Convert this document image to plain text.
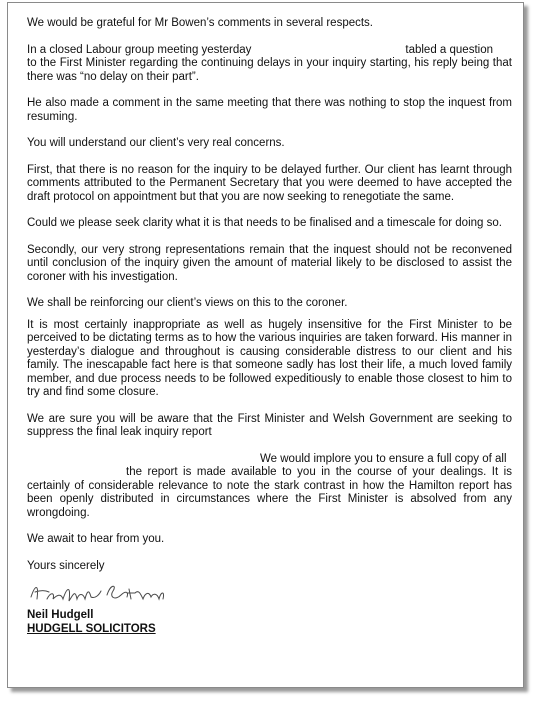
We would be grateful for Mr Bowen’s comments in several respects.

In a closed Labour group meeting yesterday	tabled a question

to the First Minister regarding the continuing delays in your inquiry starting, his reply being that there was “no delay on their part”.

He also made a comment in the same meeting that there was nothing to stop the inquest from resuming.

You will understand our client’s very real concerns.

First, that there is no reason for the inquiry to be delayed further. Our client has learnt through comments attributed to the Permanent Secretary that you were deemed to have accepted the draft protocol on appointment but that you are now seeking to renegotiate the same.

Could we please seek clarity what it is that needs to be finalised and a timescale for doing so.

Secondly, our very strong representations remain that the inquest should not be reconvened until conclusion of the inquiry given the amount of material likely to be disclosed to assist the coroner with his investigation.

We shall be reinforcing our client’s views on this to the coroner.

It is most certainly inappropriate as well as hugely insensitive for the First Minister to be perceived to be dictating terms as to how the various inquiries are taken forward. His manner in yesterday’s dialogue and throughout is causing considerable distress to our client and his family. The inescapable fact here is that someone sadly has lost their life, a much loved family member, and due process needs to be followed expeditiously to enable those closest to him to try and find some closure.

We are sure you will be aware that the First Minister and Welsh Government are seeking to suppress the final leak inquiry report

We would implore you to ensure a full copy of all

the report is made available to you in the course of your dealings. It is certainly of considerable relevance to note the stark contrast in how the Hamilton report has been openly distributed in circumstances where the First Minister is absolved from any wrongdoing.

We await to hear from you.

Yours sincerely

Neil Hudgell

HUDGELL SOLICITORS
